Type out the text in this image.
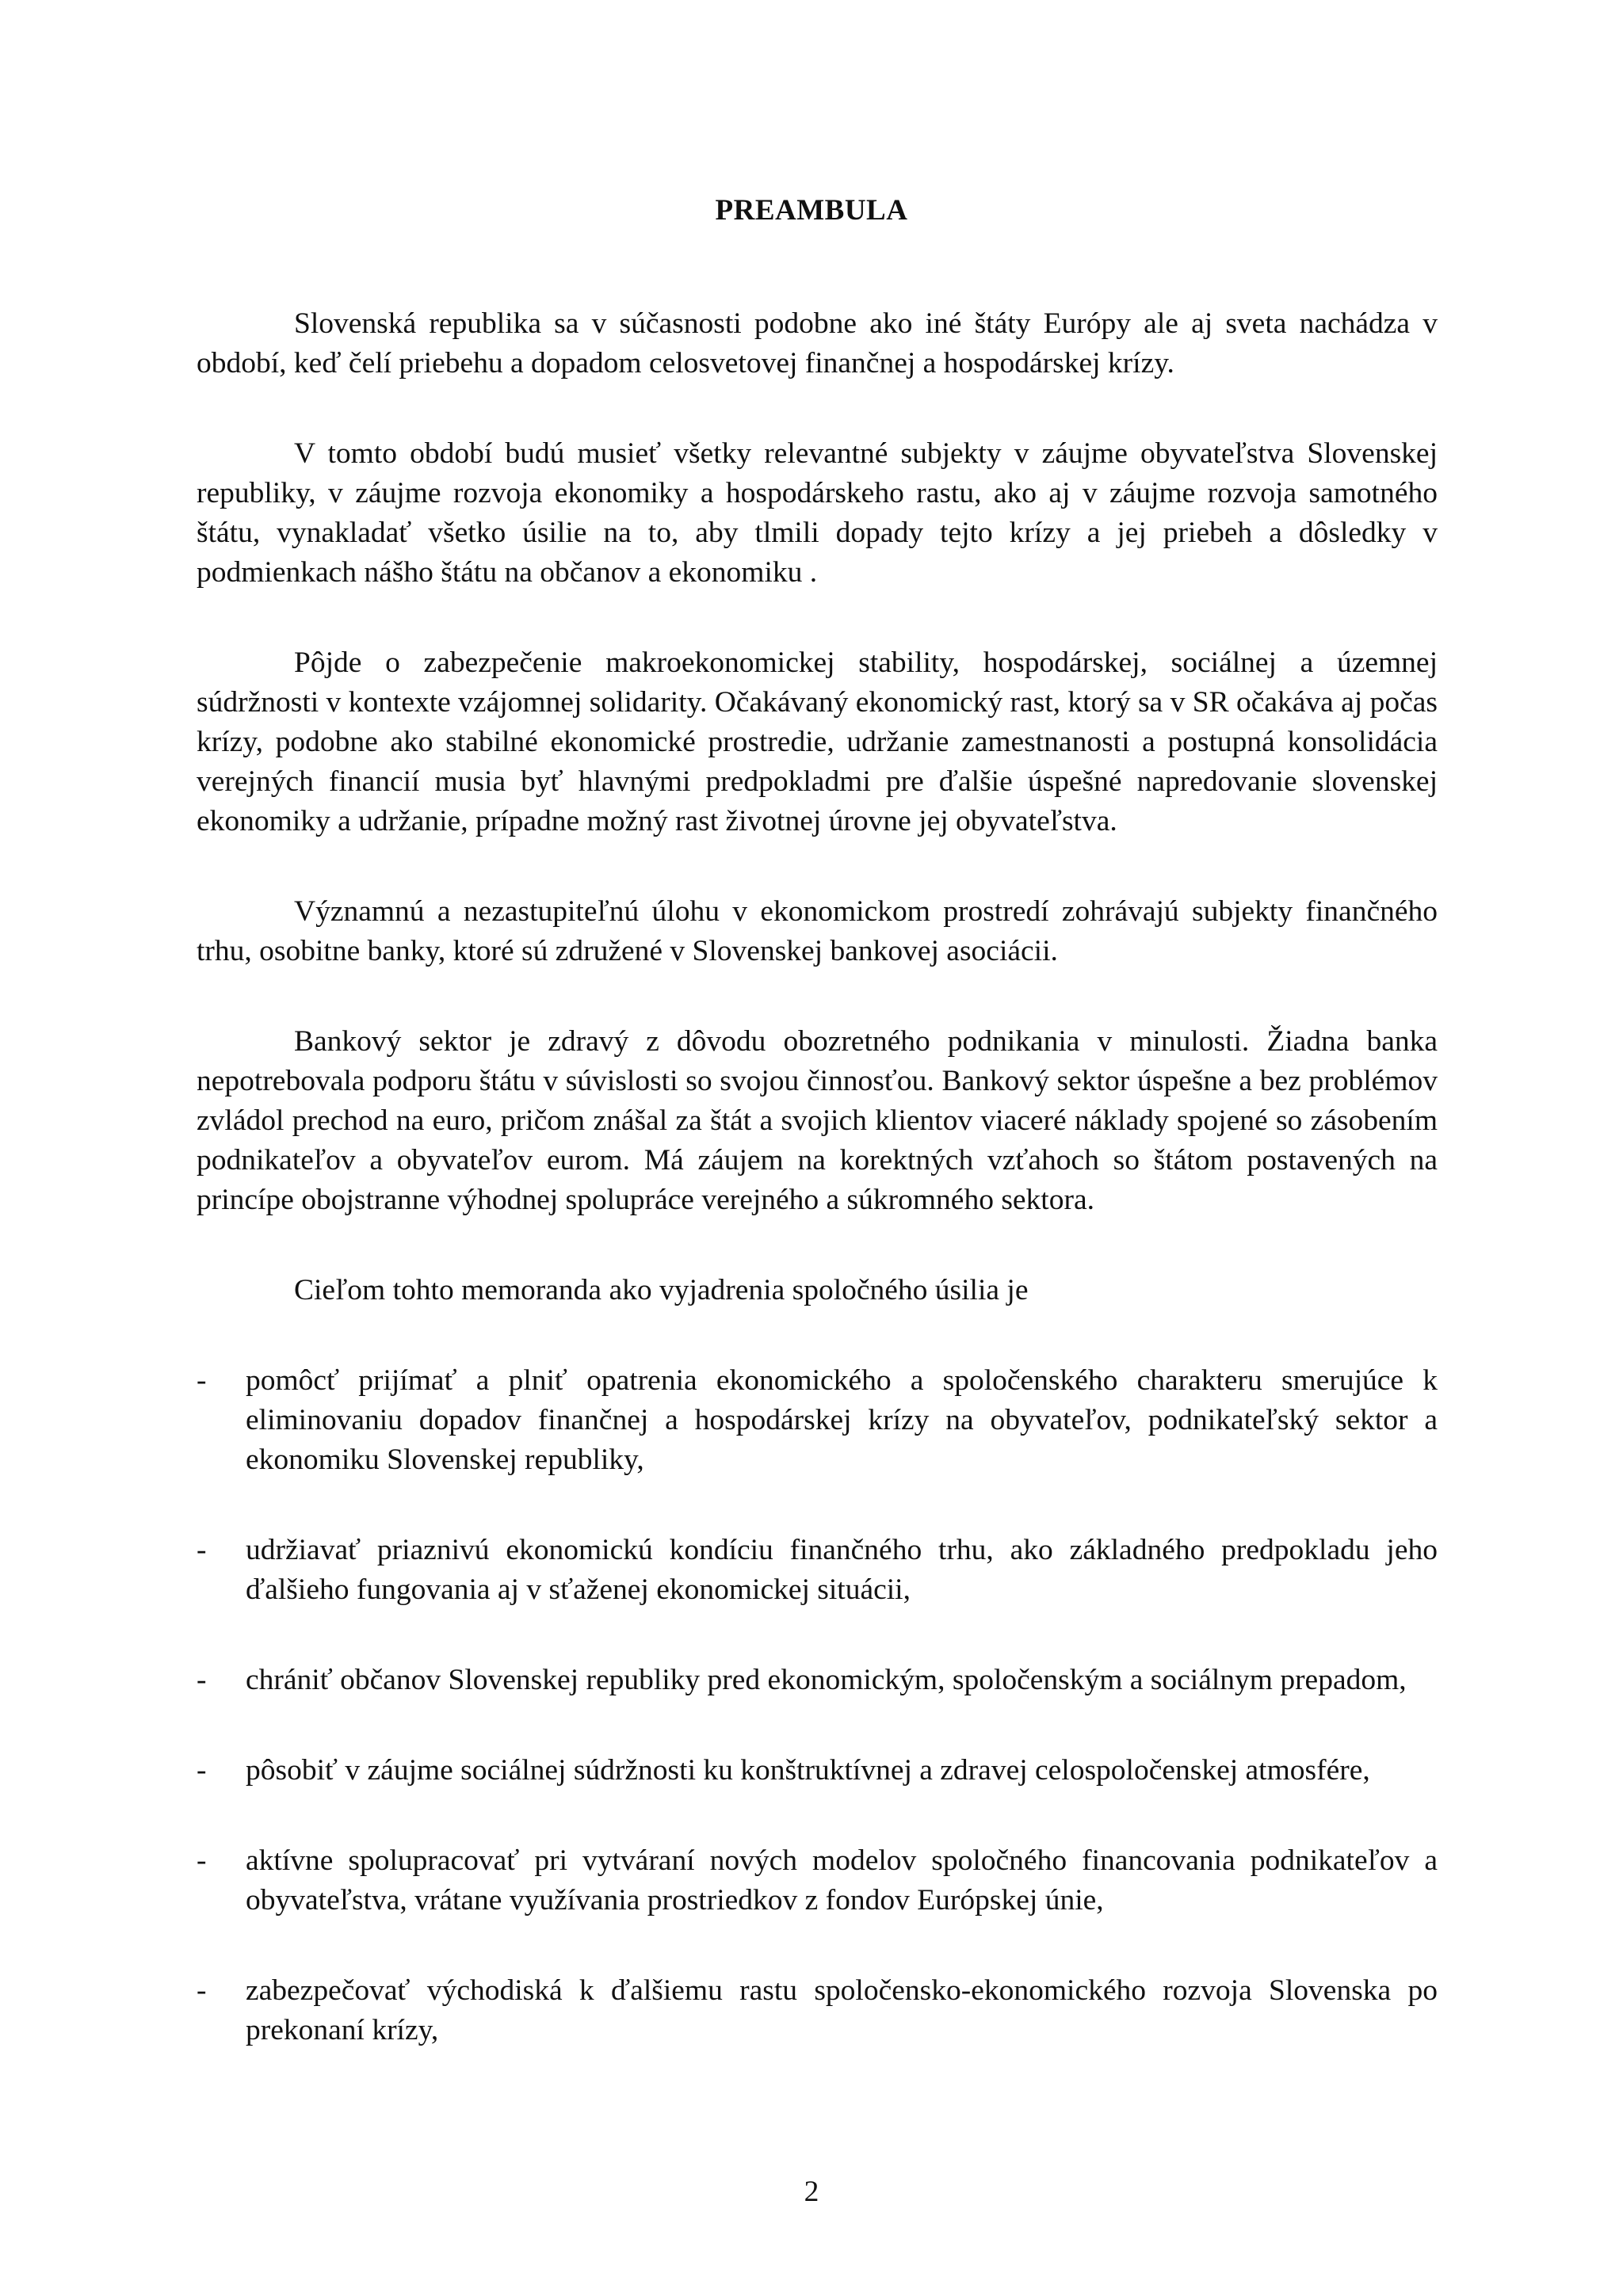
PREAMBULA

Slovenská republika sa v súčasnosti podobne ako iné štáty Európy ale aj sveta nachádza v období, keď čelí priebehu a dopadom celosvetovej finančnej a hospodárskej krízy.

V tomto období budú musieť všetky relevantné subjekty v záujme obyvateľstva Slovenskej republiky, v záujme rozvoja ekonomiky a hospodárskeho rastu, ako aj v záujme rozvoja samotného štátu, vynakladať všetko úsilie na to, aby tlmili dopady tejto krízy a jej priebeh a dôsledky v podmienkach nášho štátu na občanov a ekonomiku .

Pôjde o zabezpečenie makroekonomickej stability, hospodárskej, sociálnej a územnej súdržnosti v kontexte vzájomnej solidarity. Očakávaný ekonomický rast, ktorý sa v SR očakáva aj počas krízy, podobne ako stabilné ekonomické prostredie, udržanie zamestnanosti a postupná konsolidácia verejných financií musia byť hlavnými predpokladmi pre ďalšie úspešné napredovanie slovenskej ekonomiky a udržanie, prípadne možný rast životnej úrovne jej obyvateľstva.

Významnú a nezastupiteľnú úlohu v ekonomickom prostredí zohrávajú subjekty finančného trhu, osobitne banky, ktoré sú združené v Slovenskej bankovej asociácii.

Bankový sektor je zdravý z dôvodu obozretného podnikania v minulosti. Žiadna banka nepotrebovala podporu štátu v súvislosti so svojou činnosťou. Bankový sektor úspešne a bez problémov zvládol prechod na euro, pričom znášal za štát a svojich klientov viaceré náklady spojené so zásobením podnikateľov a obyvateľov eurom. Má záujem na korektných vzťahoch so štátom postavených na princípe obojstranne výhodnej spolupráce verejného a súkromného sektora.

Cieľom tohto memoranda ako vyjadrenia spoločného úsilia je

- pomôcť prijímať a plniť opatrenia ekonomického a spoločenského charakteru smerujúce k eliminovaniu dopadov finančnej a hospodárskej krízy na obyvateľov, podnikateľský sektor a ekonomiku Slovenskej republiky,
- udržiavať priaznivú ekonomickú kondíciu finančného trhu, ako základného predpokladu jeho ďalšieho fungovania aj v sťaženej ekonomickej situácii,
- chrániť občanov Slovenskej republiky pred ekonomickým, spoločenským a sociálnym prepadom,
- pôsobiť v záujme sociálnej súdržnosti ku konštruktívnej a zdravej celospoločenskej atmosfére,
- aktívne spolupracovať pri vytváraní nových modelov spoločného financovania podnikateľov a obyvateľstva, vrátane využívania prostriedkov z fondov Európskej únie,
- zabezpečovať východiská k ďalšiemu rastu spoločensko-ekonomického rozvoja Slovenska po prekonaní krízy,
2
